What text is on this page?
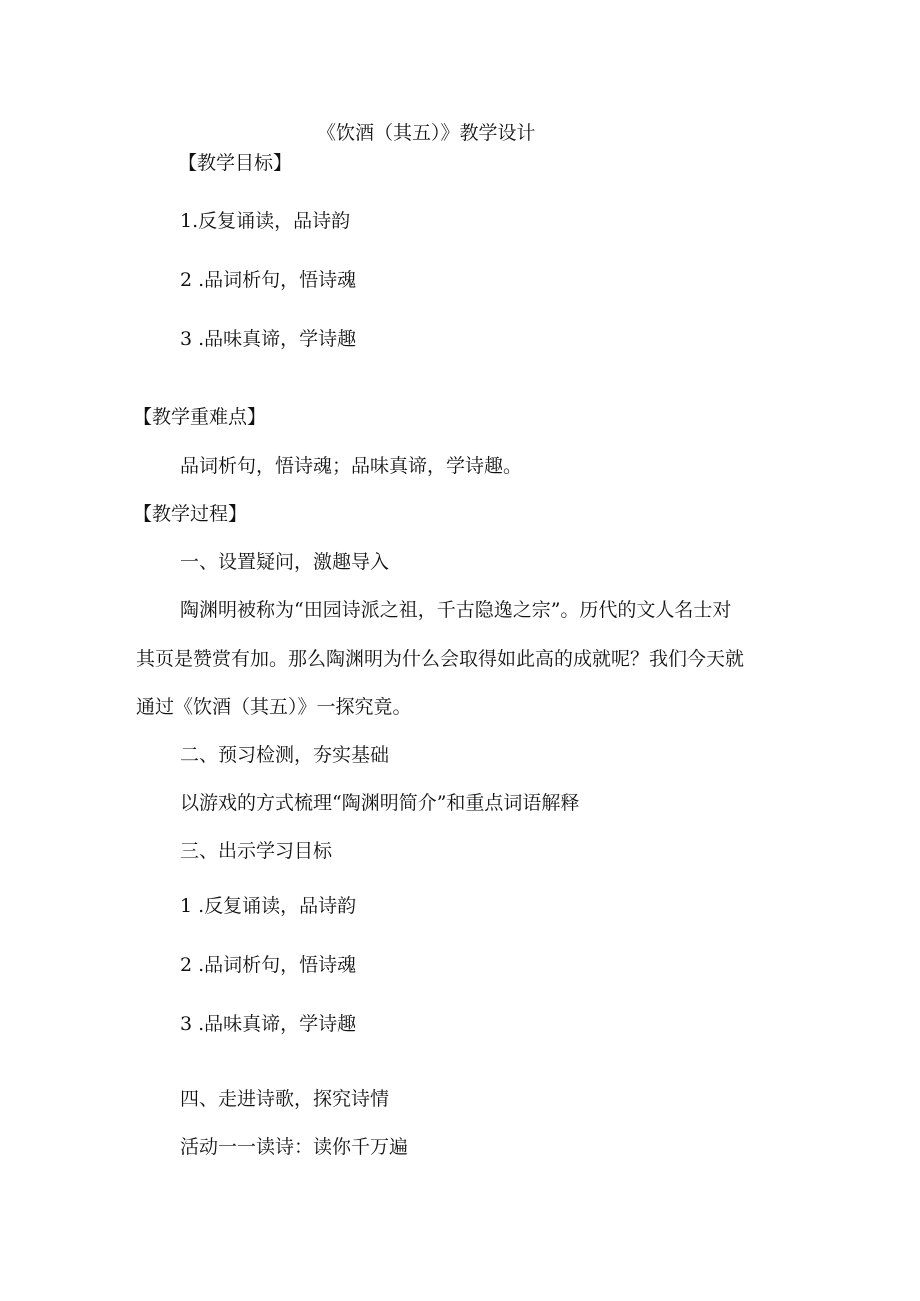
《饮酒（其五）》教学设计
【教学目标】
1.反复诵读，品诗韵
2 .品词析句，悟诗魂
3 .品味真谛，学诗趣
【教学重难点】
品词析句，悟诗魂；品味真谛，学诗趣。
【教学过程】
一、设置疑问，激趣导入
陶渊明被称为“田园诗派之祖，千古隐逸之宗”。历代的文人名士对
其页是赞赏有加。那么陶渊明为什么会取得如此高的成就呢？我们今天就
通过《饮酒（其五）》一探究竟。
二、预习检测，夯实基础
以游戏的方式梳理“陶渊明简介”和重点词语解释
三、出示学习目标
1 .反复诵读，品诗韵
2 .品词析句，悟诗魂
3 .品味真谛，学诗趣
四、走进诗歌，探究诗情
活动一一读诗：读你千万遍
